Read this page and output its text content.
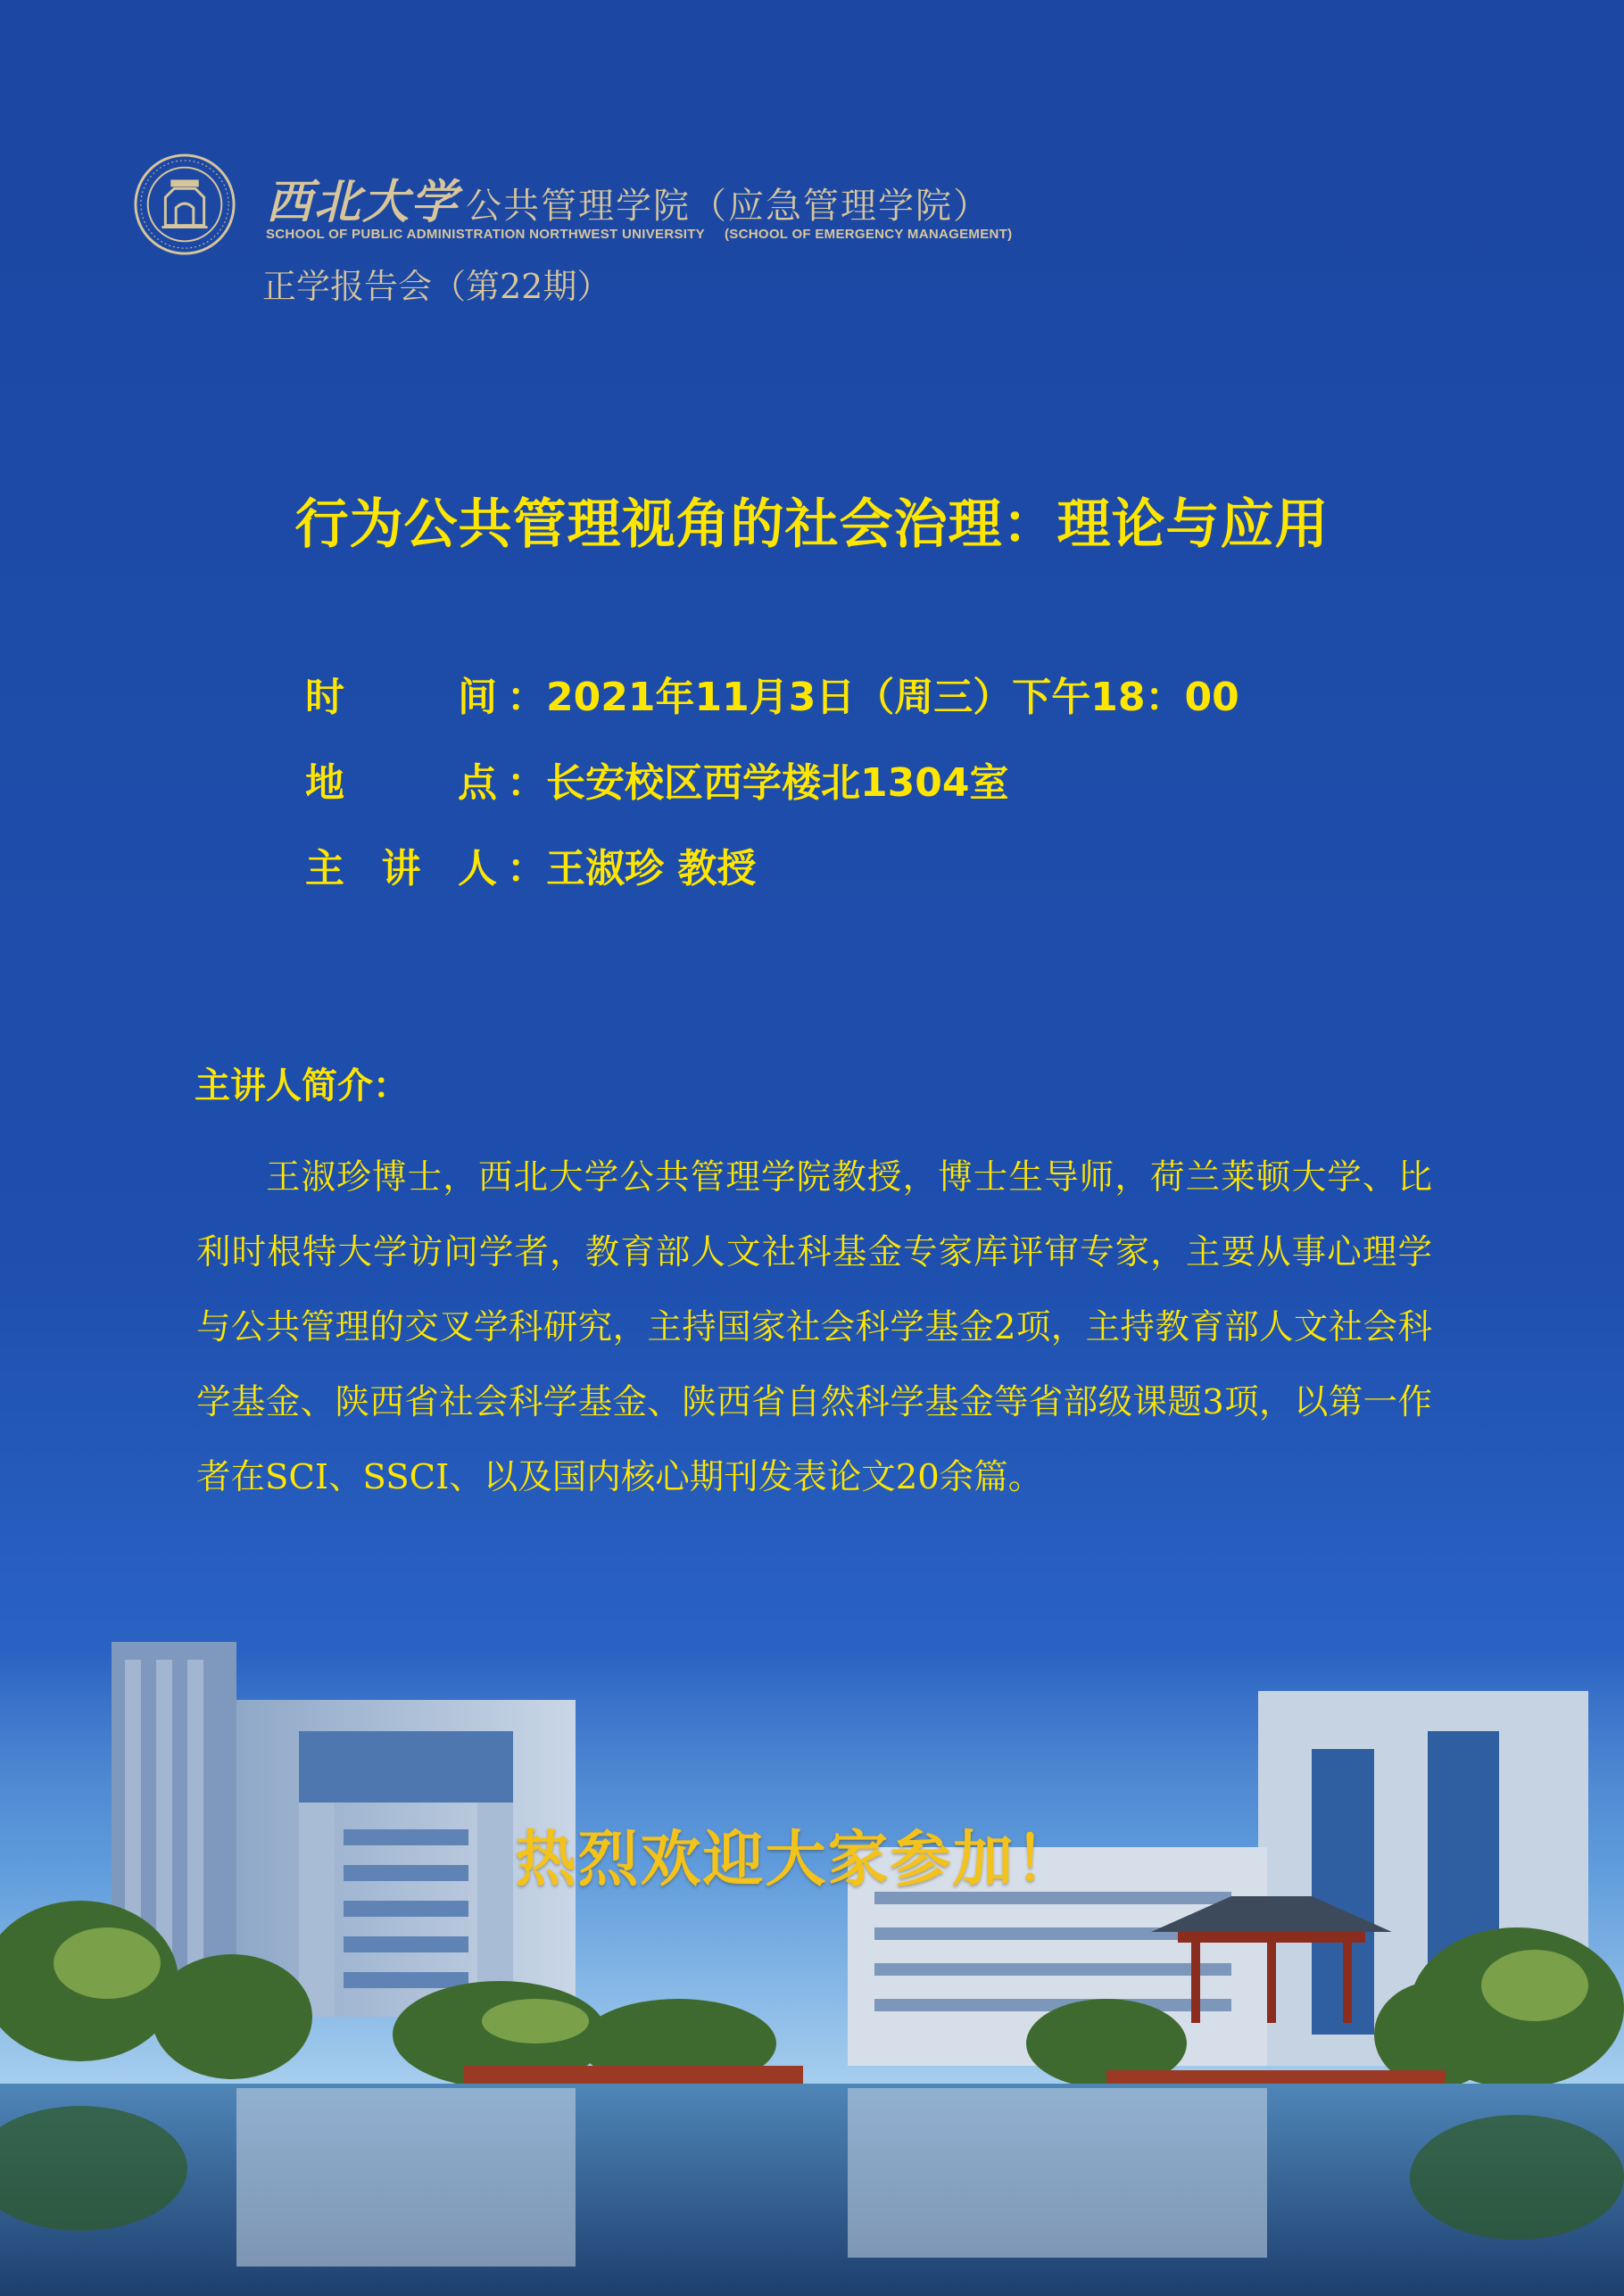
西北大学 公共管理学院（应急管理学院）
SCHOOL OF PUBLIC ADMINISTRATION NORTHWEST UNIVERSITY (SCHOOL OF EMERGENCY MANAGEMENT)
正学报告会（第22期）
行为公共管理视角的社会治理：理论与应用
时	间 ： 2021年11月3日（周三）下午18：00
地	点 ： 长安校区西学楼北1304室
主 讲 人 ： 王淑珍 教授
主讲人简介：
王淑珍博士，西北大学公共管理学院教授，博士生导师，荷兰莱顿大学、比利时根特大学访问学者，教育部人文社科基金专家库评审专家，主要从事心理学与公共管理的交叉学科研究，主持国家社会科学基金2项，主持教育部人文社会科学基金、陕西省社会科学基金、陕西省自然科学基金等省部级课题3项，以第一作者在SCI、SSCI、以及国内核心期刊发表论文20余篇。
热烈欢迎大家参加！
